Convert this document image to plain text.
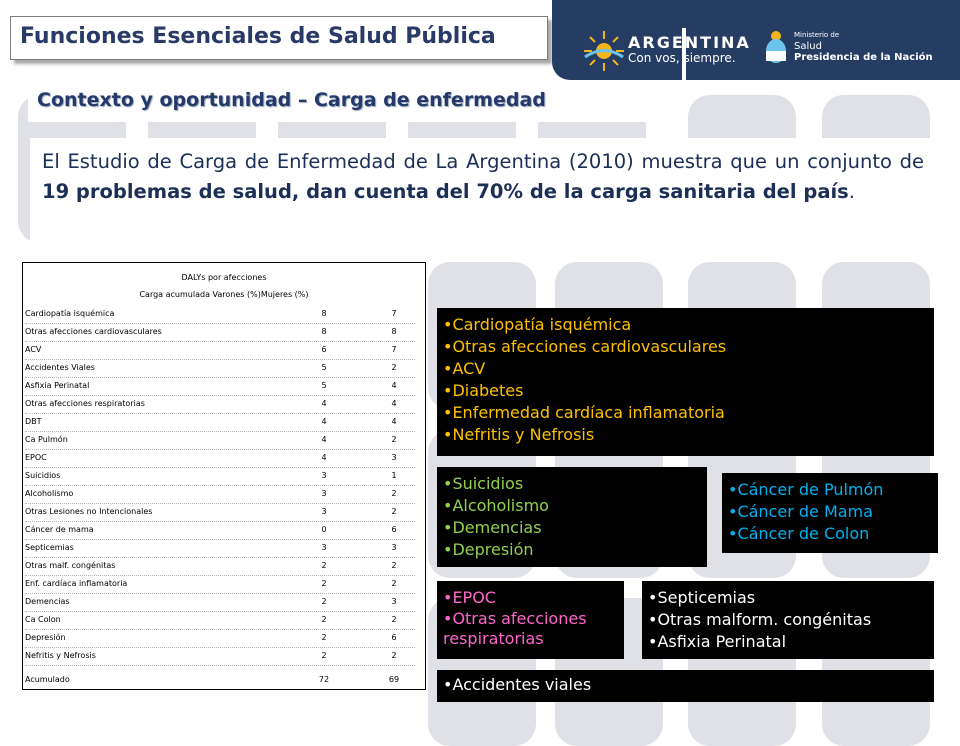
Funciones Esenciales de Salud Pública	ARGENTINA
Con vos, siempre.
Ministerio de
Salud
Presidencia de la Nación
Contexto y oportunidad – Carga de enfermedad

El Estudio de Carga de Enfermedad de La Argentina (2010) muestra que un conjunto de 19 problemas de salud, dan cuenta del 70% de la carga sanitaria del país.

DALYs por afecciones
Carga acumulada Varones (%)Mujeres (%)
Cardiopatía isquémica	8	7
Otras afecciones cardiovasculares	8	8
ACV	6	7
Accidentes Viales	5	2
Asfixia Perinatal	5	4
Otras afecciones respiratorias	4	4
DBT	4	4
Ca Pulmón	4	2
EPOC	4	3
Suicidios	3	1
Alcoholismo	3	2
Otras Lesiones no Intencionales	3	2
Cáncer de mama	0	6
Septicemias	3	3
Otras malf. congénitas	2	2
Enf. cardíaca inflamatoria	2	2
Demencias	2	3
Ca Colon	2	2
Depresión	2	6
Nefritis y Nefrosis	2	2
Acumulado	72	69
• Cardiopatía isquémica
• Otras afecciones cardiovasculares
• ACV
• Diabetes
• Enfermedad cardíaca inflamatoria
• Nefritis y Nefrosis
• Suicidios
• Alcoholismo
• Demencias
• Depresión
• Cáncer de Pulmón
• Cáncer de Mama
• Cáncer de Colon
• EPOC
• Otras afecciones respiratorias
• Septicemias
• Otras malform. congénitas
• Asfixia Perinatal
• Accidentes viales
